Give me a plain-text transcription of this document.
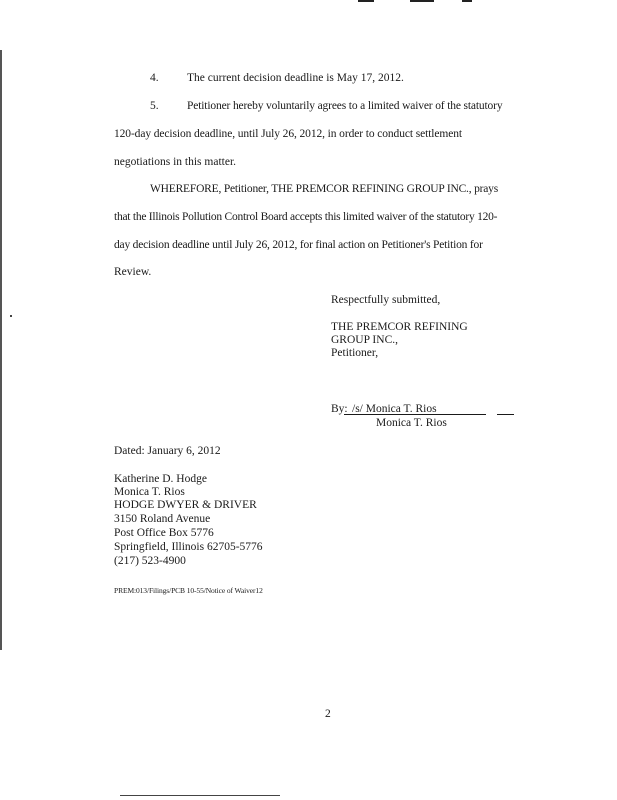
4. The current decision deadline is May 17, 2012.
5. Petitioner hereby voluntarily agrees to a limited waiver of the statutory
120-day decision deadline, until July 26, 2012, in order to conduct settlement
negotiations in this matter.
WHEREFORE, Petitioner, THE PREMCOR REFINING GROUP INC., prays
that the Illinois Pollution Control Board accepts this limited waiver of the statutory 120-
day decision deadline until July 26, 2012, for final action on Petitioner's Petition for
Review.
Respectfully submitted,
THE PREMCOR REFINING
GROUP INC.,
Petitioner,
By: /s/ Monica T. Rios
Monica T. Rios
Dated: January 6, 2012
Katherine D. Hodge
Monica T. Rios
HODGE DWYER & DRIVER
3150 Roland Avenue
Post Office Box 5776
Springfield, Illinois 62705-5776
(217) 523-4900
PREM:013/Filings/PCB 10-55/Notice of Waiver12
2
